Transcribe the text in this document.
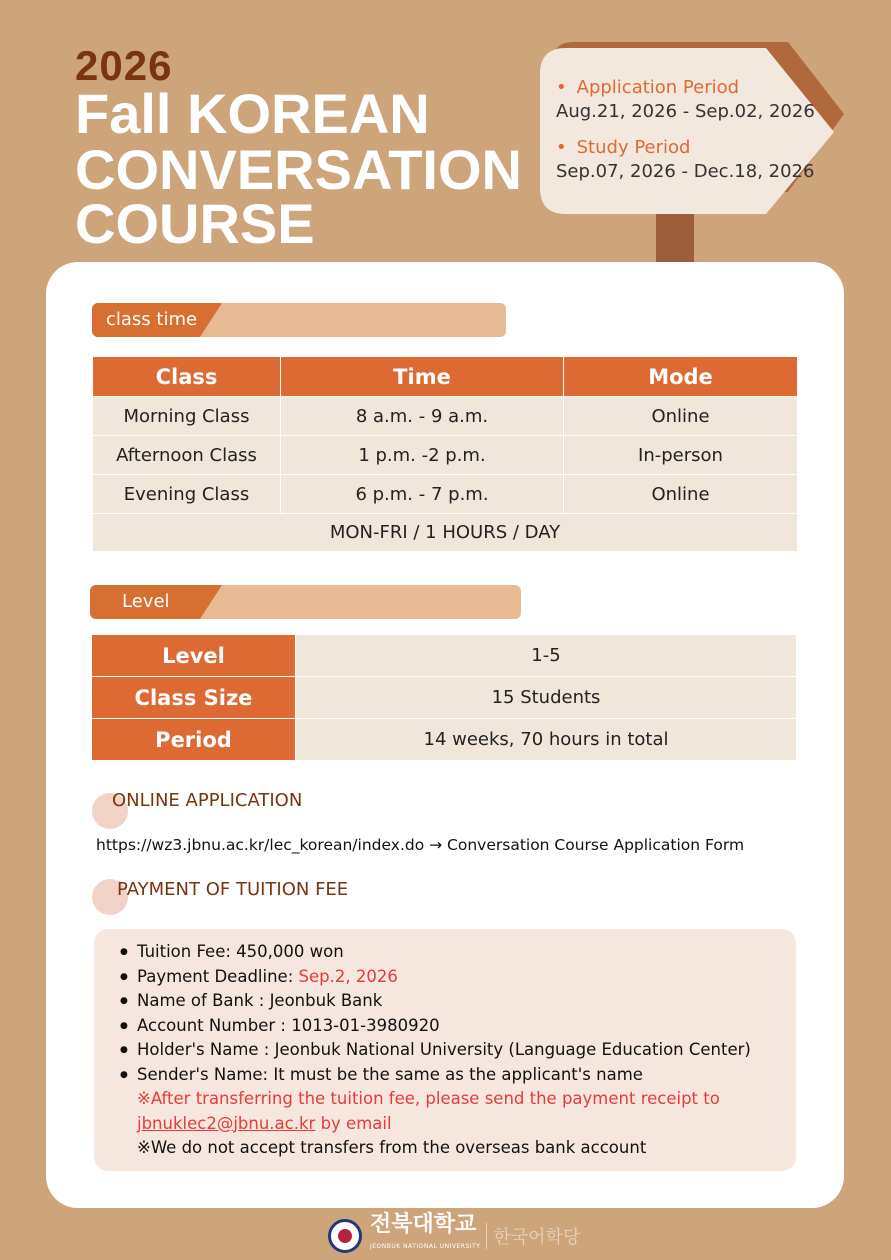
2026
Fall KOREAN
CONVERSATION
COURSE
• Application Period
Aug.21, 2026 - Sep.02, 2026
• Study Period
Sep.07, 2026 - Dec.18, 2026
class time
Class	Time	Mode
Morning Class	8 a.m. - 9 a.m.	Online
Afternoon Class	1 p.m. -2 p.m.	In-person
Evening Class	6 p.m. - 7 p.m.	Online
MON-FRI / 1 HOURS / DAY		
Level
Level	1-5
Class Size	15 Students
Period	14 weeks, 70 hours in total
ONLINE APPLICATION
https://wz3.jbnu.ac.kr/lec_korean/index.do → Conversation Course Application Form
PAYMENT OF TUITION FEE
● Tuition Fee: 450,000 won
● Payment Deadline: Sep.2, 2026
● Name of Bank : Jeonbuk Bank
● Account Number : 1013-01-3980920
● Holder's Name : Jeonbuk National University (Language Education Center)
● Sender's Name: It must be the same as the applicant's name
※After transferring the tuition fee, please send the payment receipt to
jbnuklec2@jbnu.ac.kr by email
※We do not accept transfers from the overseas bank account
전북대학교
JEONBUK NATIONAL UNIVERSITY 한국어학당
